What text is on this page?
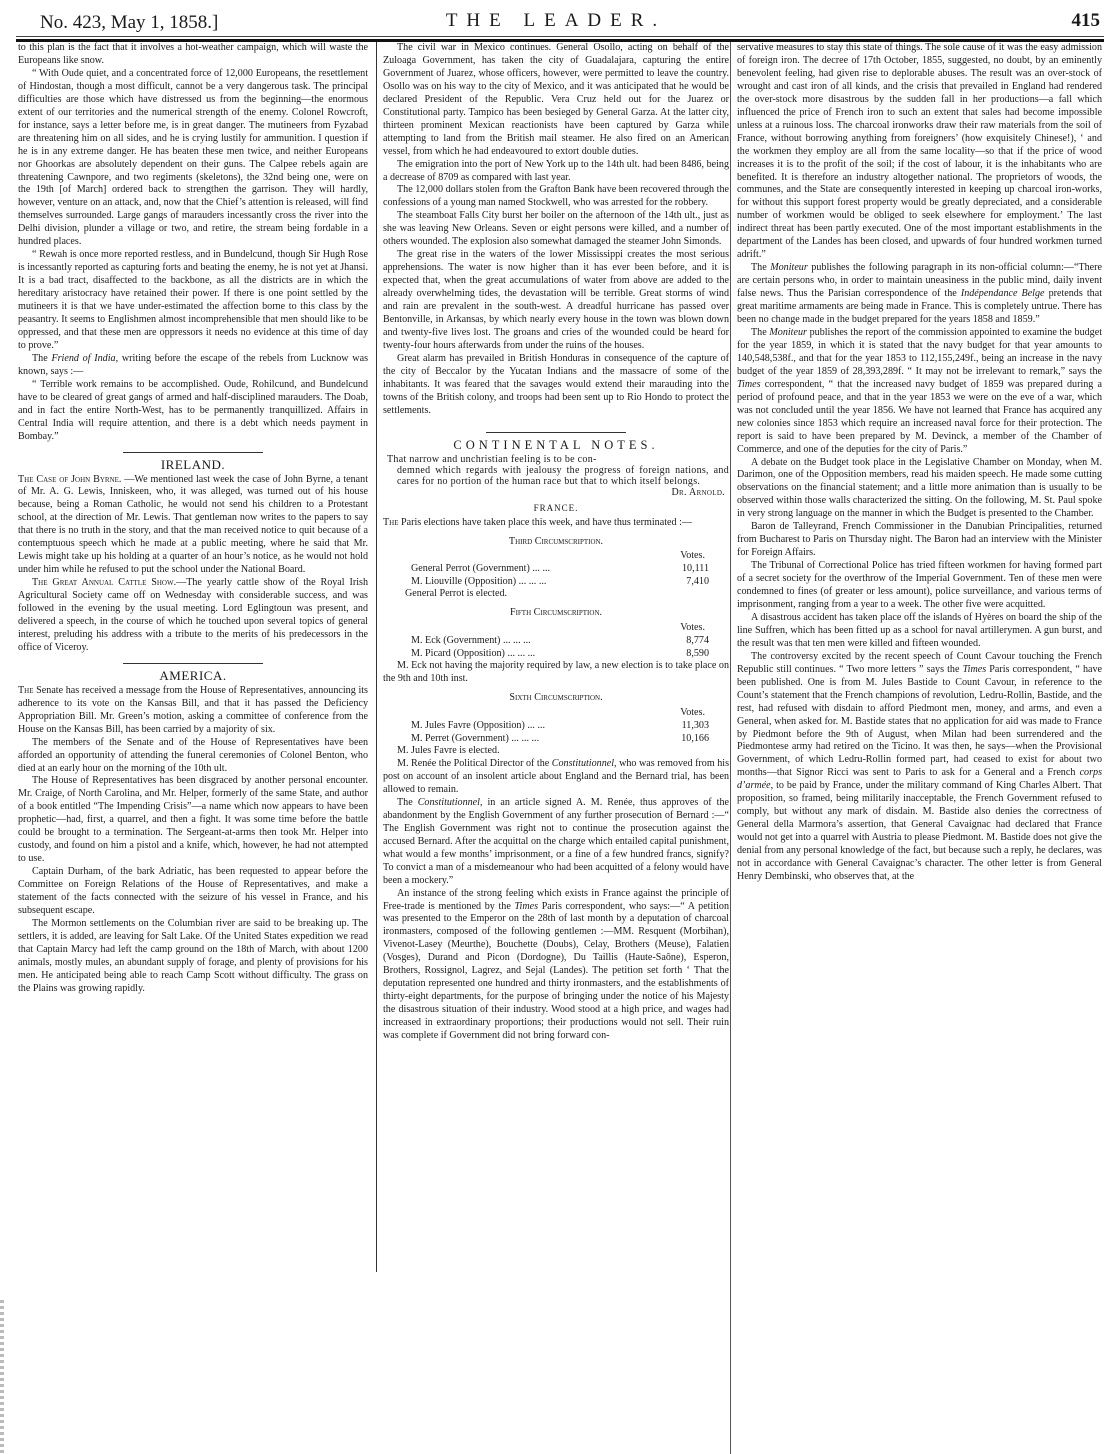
No. 423, May 1, 1858.]	THE LEADER.	415

to this plan is the fact that it involves a hot-weather campaign, which will waste the Europeans like snow.

“ With Oude quiet, and a concentrated force of 12,000 Europeans, the resettlement of Hindostan, though a most difficult, cannot be a very dangerous task. The principal difficulties are those which have distressed us from the beginning—the enormous extent of our territories and the numerical strength of the enemy. Colonel Rowcroft, for instance, says a letter before me, is in great danger. The mutineers from Fyzabad are threatening him on all sides, and he is crying lustily for ammunition. I question if he is in any extreme danger. He has beaten these men twice, and neither Europeans nor Ghoorkas are absolutely dependent on their guns. The Calpee rebels again are threatening Cawnpore, and two regiments (skeletons), the 32nd being one, were on the 19th [of March] ordered back to strengthen the garrison. They will hardly, however, venture on an attack, and, now that the Chief’s attention is released, will find themselves surrounded. Large gangs of marauders incessantly cross the river into the Delhi division, plunder a village or two, and retire, the stream being fordable in a hundred places.

“ Rewah is once more reported restless, and in Bundelcund, though Sir Hugh Rose is incessantly reported as capturing forts and beating the enemy, he is not yet at Jhansi. It is a bad tract, disaffected to the backbone, as all the districts are in which the hereditary aristocracy have retained their power. If there is one point settled by the mutineers it is that we have under-estimated the affection borne to this class by the peasantry. It seems to Englishmen almost incomprehensible that men should like to be oppressed, and that these men are oppressors it needs no evidence at this time of day to prove.”

The Friend of India, writing before the escape of the rebels from Lucknow was known, says :—

“ Terrible work remains to be accomplished. Oude, Rohilcund, and Bundelcund have to be cleared of great gangs of armed and half-disciplined marauders. The Doab, and in fact the entire North-West, has to be permanently tranquillized. Affairs in Central India will require attention, and there is a debt which needs payment in Bombay.”

IRELAND.

The Case of John Byrne. —We mentioned last week the case of John Byrne, a tenant of Mr. A. G. Lewis, Inniskeen, who, it was alleged, was turned out of his house because, being a Roman Catholic, he would not send his children to a Protestant school, at the direction of Mr. Lewis. That gentleman now writes to the papers to say that there is no truth in the story, and that the man received notice to quit because of a contemptuous speech which he made at a public meeting, where he said that Mr. Lewis might take up his holding at a quarter of an hour’s notice, as he would not hold under him while he refused to put the school under the National Board.

The Great Annual Cattle Show.—The yearly cattle show of the Royal Irish Agricultural Society came off on Wednesday with considerable success, and was followed in the evening by the usual meeting. Lord Eglingtoun was present, and delivered a speech, in the course of which he touched upon several topics of general interest, preluding his address with a tribute to the merits of his predecessors in the office of Viceroy.

AMERICA.

The Senate has received a message from the House of Representatives, announcing its adherence to its vote on the Kansas Bill, and that it has passed the Deficiency Appropriation Bill. Mr. Green’s motion, asking a committee of conference from the House on the Kansas Bill, has been carried by a majority of six.

The members of the Senate and of the House of Representatives have been afforded an opportunity of attending the funeral ceremonies of Colonel Benton, who died at an early hour on the morning of the 10th ult.

The House of Representatives has been disgraced by another personal encounter. Mr. Craige, of North Carolina, and Mr. Helper, formerly of the same State, and author of a book entitled “The Impending Crisis”—a name which now appears to have been prophetic—had, first, a quarrel, and then a fight. It was some time before the battle could be brought to a termination. The Sergeant-at-arms then took Mr. Helper into custody, and found on him a pistol and a knife, which, however, he had not attempted to use.

Captain Durham, of the bark Adriatic, has been requested to appear before the Committee on Foreign Relations of the House of Representatives, and make a statement of the facts connected with the seizure of his vessel in France, and his subsequent escape.

The Mormon settlements on the Columbian river are said to be breaking up. The settlers, it is added, are leaving for Salt Lake. Of the United States expedition we read that Captain Marcy had left the camp ground on the 18th of March, with about 1200 animals, mostly mules, an abundant supply of forage, and plenty of provisions for his men. He anticipated being able to reach Camp Scott without difficulty. The grass on the Plains was growing rapidly.

The civil war in Mexico continues. General Osollo, acting on behalf of the Zuloaga Government, has taken the city of Guadalajara, capturing the entire Government of Juarez, whose officers, however, were permitted to leave the country. Osollo was on his way to the city of Mexico, and it was anticipated that he would be declared President of the Republic. Vera Cruz held out for the Juarez or Constitutional party. Tampico has been besieged by General Garza. At the latter city, thirteen prominent Mexican reactionists have been captured by Garza while attempting to land from the British mail steamer. He also fired on an American vessel, from which he had endeavoured to extort double duties.

The emigration into the port of New York up to the 14th ult. had been 8486, being a decrease of 8709 as compared with last year.

The 12,000 dollars stolen from the Grafton Bank have been recovered through the confessions of a young man named Stockwell, who was arrested for the robbery.

The steamboat Falls City burst her boiler on the afternoon of the 14th ult., just as she was leaving New Orleans. Seven or eight persons were killed, and a number of others wounded. The explosion also somewhat damaged the steamer John Simonds.

The great rise in the waters of the lower Mississippi creates the most serious apprehensions. The water is now higher than it has ever been before, and it is expected that, when the great accumulations of water from above are added to the already overwhelming tides, the devastation will be terrible. Great storms of wind and rain are prevalent in the south-west. A dreadful hurricane has passed over Bentonville, in Arkansas, by which nearly every house in the town was blown down and twenty-five lives lost. The groans and cries of the wounded could be heard for twenty-four hours afterwards from under the ruins of the houses.

Great alarm has prevailed in British Honduras in consequence of the capture of the city of Beccalor by the Yucatan Indians and the massacre of some of the inhabitants. It was feared that the savages would extend their marauding into the towns of the British colony, and troops had been sent up to Rio Hondo to protect the settlements.

CONTINENTAL NOTES.
That narrow and unchristian feeling is to be con-
demned which regards with jealousy the progress of foreign nations, and cares for no portion of the human race but that to which itself belongs.
Dr. Arnold.
FRANCE.

The Paris elections have taken place this week, and have thus terminated :—

Third Circumscription.
Votes.
General Perrot (Government) ... ...	10,111
M. Liouville (Opposition) ... ... ...	7,410

General Perrot is elected.

Fifth Circumscription.
Votes.
M. Eck (Government) ... ... ...	8,774
M. Picard (Opposition) ... ... ...	8,590

M. Eck not having the majority required by law, a new election is to take place on the 9th and 10th inst.

Sixth Circumscription.
Votes.
M. Jules Favre (Opposition) ... ...	11,303
M. Perret (Government) ... ... ...	10,166

M. Jules Favre is elected.

M. Renée the Political Director of the Constitutionnel, who was removed from his post on account of an insolent article about England and the Bernard trial, has been allowed to remain.

The Constitutionnel, in an article signed A. M. Renée, thus approves of the abandonment by the English Government of any further prosecution of Bernard :—“ The English Government was right not to continue the prosecution against the accused Bernard. After the acquittal on the charge which entailed capital punishment, what would a few months’ imprisonment, or a fine of a few hundred francs, signify? To convict a man of a misdemeanour who had been acquitted of a felony would have been a mockery.”

An instance of the strong feeling which exists in France against the principle of Free-trade is mentioned by the Times Paris correspondent, who says:—“ A petition was presented to the Emperor on the 28th of last month by a deputation of charcoal ironmasters, composed of the following gentlemen :—MM. Resquent (Morbihan), Vivenot-Lasey (Meurthe), Bouchette (Doubs), Celay, Brothers (Meuse), Falatien (Vosges), Durand and Picon (Dordogne), Du Taillis (Haute-Saône), Esperon, Brothers, Rossignol, Lagrez, and Sejal (Landes). The petition set forth ‘ That the deputation represented one hundred and thirty ironmasters, and the establishments of thirty-eight departments, for the purpose of bringing under the notice of his Majesty the disastrous situation of their industry. Wood stood at a high price, and wages had increased in extraordinary proportions; their productions would not sell. Their ruin was complete if Government did not bring forward con-

servative measures to stay this state of things. The sole cause of it was the easy admission of foreign iron. The decree of 17th October, 1855, suggested, no doubt, by an eminently benevolent feeling, had given rise to deplorable abuses. The result was an over-stock of wrought and cast iron of all kinds, and the crisis that prevailed in England had rendered the over-stock more disastrous by the sudden fall in her productions—a fall which influenced the price of French iron to such an extent that sales had become impossible unless at a ruinous loss. The charcoal ironworks draw their raw materials from the soil of France, without borrowing anything from foreigners’ (how exquisitely Chinese!), ‘ and the workmen they employ are all from the same locality—so that if the price of wood increases it is to the profit of the soil; if the cost of labour, it is the inhabitants who are benefited. It is therefore an industry altogether national. The proprietors of woods, the communes, and the State are consequently interested in keeping up charcoal iron-works, for without this support forest property would be greatly depreciated, and a considerable number of workmen would be obliged to seek elsewhere for employment.’ The last indirect threat has been partly executed. One of the most important establishments in the department of the Landes has been closed, and upwards of four hundred workmen turned adrift.”

The Moniteur publishes the following paragraph in its non-official column:—“There are certain persons who, in order to maintain uneasiness in the public mind, daily invent false news. Thus the Parisian correspondence of the Indépendance Belge pretends that great maritime armaments are being made in France. This is completely untrue. There has been no change made in the budget prepared for the years 1858 and 1859.”

The Moniteur publishes the report of the commission appointed to examine the budget for the year 1859, in which it is stated that the navy budget for that year amounts to 140,548,538f., and that for the year 1853 to 112,155,249f., being an increase in the navy budget of the year 1859 of 28,393,289f. “ It may not be irrelevant to remark,” says the Times correspondent, “ that the increased navy budget of 1859 was prepared during a period of profound peace, and that in the year 1853 we were on the eve of a war, which was not concluded until the year 1856. We have not learned that France has acquired any new colonies since 1853 which require an increased naval force for their protection. The report is said to have been prepared by M. Devinck, a member of the Chamber of Commerce, and one of the deputies for the city of Paris.”

A debate on the Budget took place in the Legislative Chamber on Monday, when M. Darimon, one of the Opposition members, read his maiden speech. He made some cutting observations on the financial statement; and a little more animation than is usually to be observed within those walls characterized the sitting. On the following, M. St. Paul spoke in very strong language on the manner in which the Budget is presented to the Chamber.

Baron de Talleyrand, French Commissioner in the Danubian Principalities, returned from Bucharest to Paris on Thursday night. The Baron had an interview with the Minister for Foreign Affairs.

The Tribunal of Correctional Police has tried fifteen workmen for having formed part of a secret society for the overthrow of the Imperial Government. Ten of these men were condemned to fines (of greater or less amount), police surveillance, and various terms of imprisonment, ranging from a year to a week. The other five were acquitted.

A disastrous accident has taken place off the islands of Hyères on board the ship of the line Suffren, which has been fitted up as a school for naval artillerymen. A gun burst, and the result was that ten men were killed and fifteen wounded.

The controversy excited by the recent speech of Count Cavour touching the French Republic still continues. “ Two more letters ” says the Times Paris correspondent, “ have been published. One is from M. Jules Bastide to Count Cavour, in reference to the Count’s statement that the French champions of revolution, Ledru-Rollin, Bastide, and the rest, had refused with disdain to afford Piedmont men, money, and arms, and even a General, when asked for. M. Bastide states that no application for aid was made to France by Piedmont before the 9th of August, when Milan had been surrendered and the Piedmontese army had retired on the Ticino. It was then, he says—when the Provisional Government, of which Ledru-Rollin formed part, had ceased to exist for about two months—that Signor Ricci was sent to Paris to ask for a General and a French corps d’armée, to be paid by France, under the military command of King Charles Albert. That proposition, so framed, being militarily inacceptable, the French Government refused to comply, but without any mark of disdain. M. Bastide also denies the correctness of General della Marmora’s assertion, that General Cavaignac had declared that France would not get into a quarrel with Austria to please Piedmont. M. Bastide does not give the denial from any personal knowledge of the fact, but because such a reply, he declares, was not in accordance with General Cavaignac’s character. The other letter is from General Henry Dembinski, who observes that, at the
